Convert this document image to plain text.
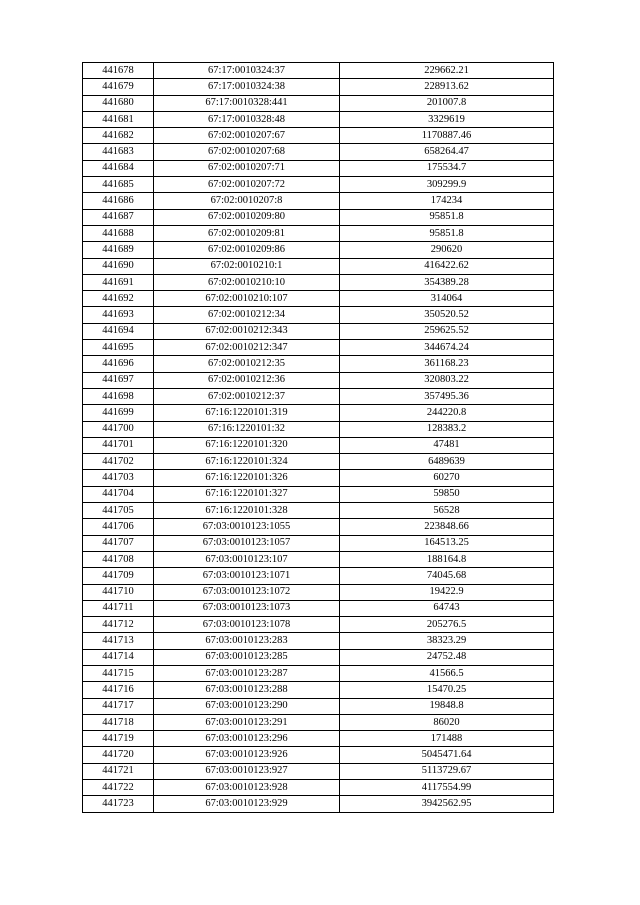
441678	67:17:0010324:37	229662.21
441679	67:17:0010324:38	228913.62
441680	67:17:0010328:441	201007.8
441681	67:17:0010328:48	3329619
441682	67:02:0010207:67	1170887.46
441683	67:02:0010207:68	658264.47
441684	67:02:0010207:71	175534.7
441685	67:02:0010207:72	309299.9
441686	67:02:0010207:8	174234
441687	67:02:0010209:80	95851.8
441688	67:02:0010209:81	95851.8
441689	67:02:0010209:86	290620
441690	67:02:0010210:1	416422.62
441691	67:02:0010210:10	354389.28
441692	67:02:0010210:107	314064
441693	67:02:0010212:34	350520.52
441694	67:02:0010212:343	259625.52
441695	67:02:0010212:347	344674.24
441696	67:02:0010212:35	361168.23
441697	67:02:0010212:36	320803.22
441698	67:02:0010212:37	357495.36
441699	67:16:1220101:319	244220.8
441700	67:16:1220101:32	128383.2
441701	67:16:1220101:320	47481
441702	67:16:1220101:324	6489639
441703	67:16:1220101:326	60270
441704	67:16:1220101:327	59850
441705	67:16:1220101:328	56528
441706	67:03:0010123:1055	223848.66
441707	67:03:0010123:1057	164513.25
441708	67:03:0010123:107	188164.8
441709	67:03:0010123:1071	74045.68
441710	67:03:0010123:1072	19422.9
441711	67:03:0010123:1073	64743
441712	67:03:0010123:1078	205276.5
441713	67:03:0010123:283	38323.29
441714	67:03:0010123:285	24752.48
441715	67:03:0010123:287	41566.5
441716	67:03:0010123:288	15470.25
441717	67:03:0010123:290	19848.8
441718	67:03:0010123:291	86020
441719	67:03:0010123:296	171488
441720	67:03:0010123:926	5045471.64
441721	67:03:0010123:927	5113729.67
441722	67:03:0010123:928	4117554.99
441723	67:03:0010123:929	3942562.95
